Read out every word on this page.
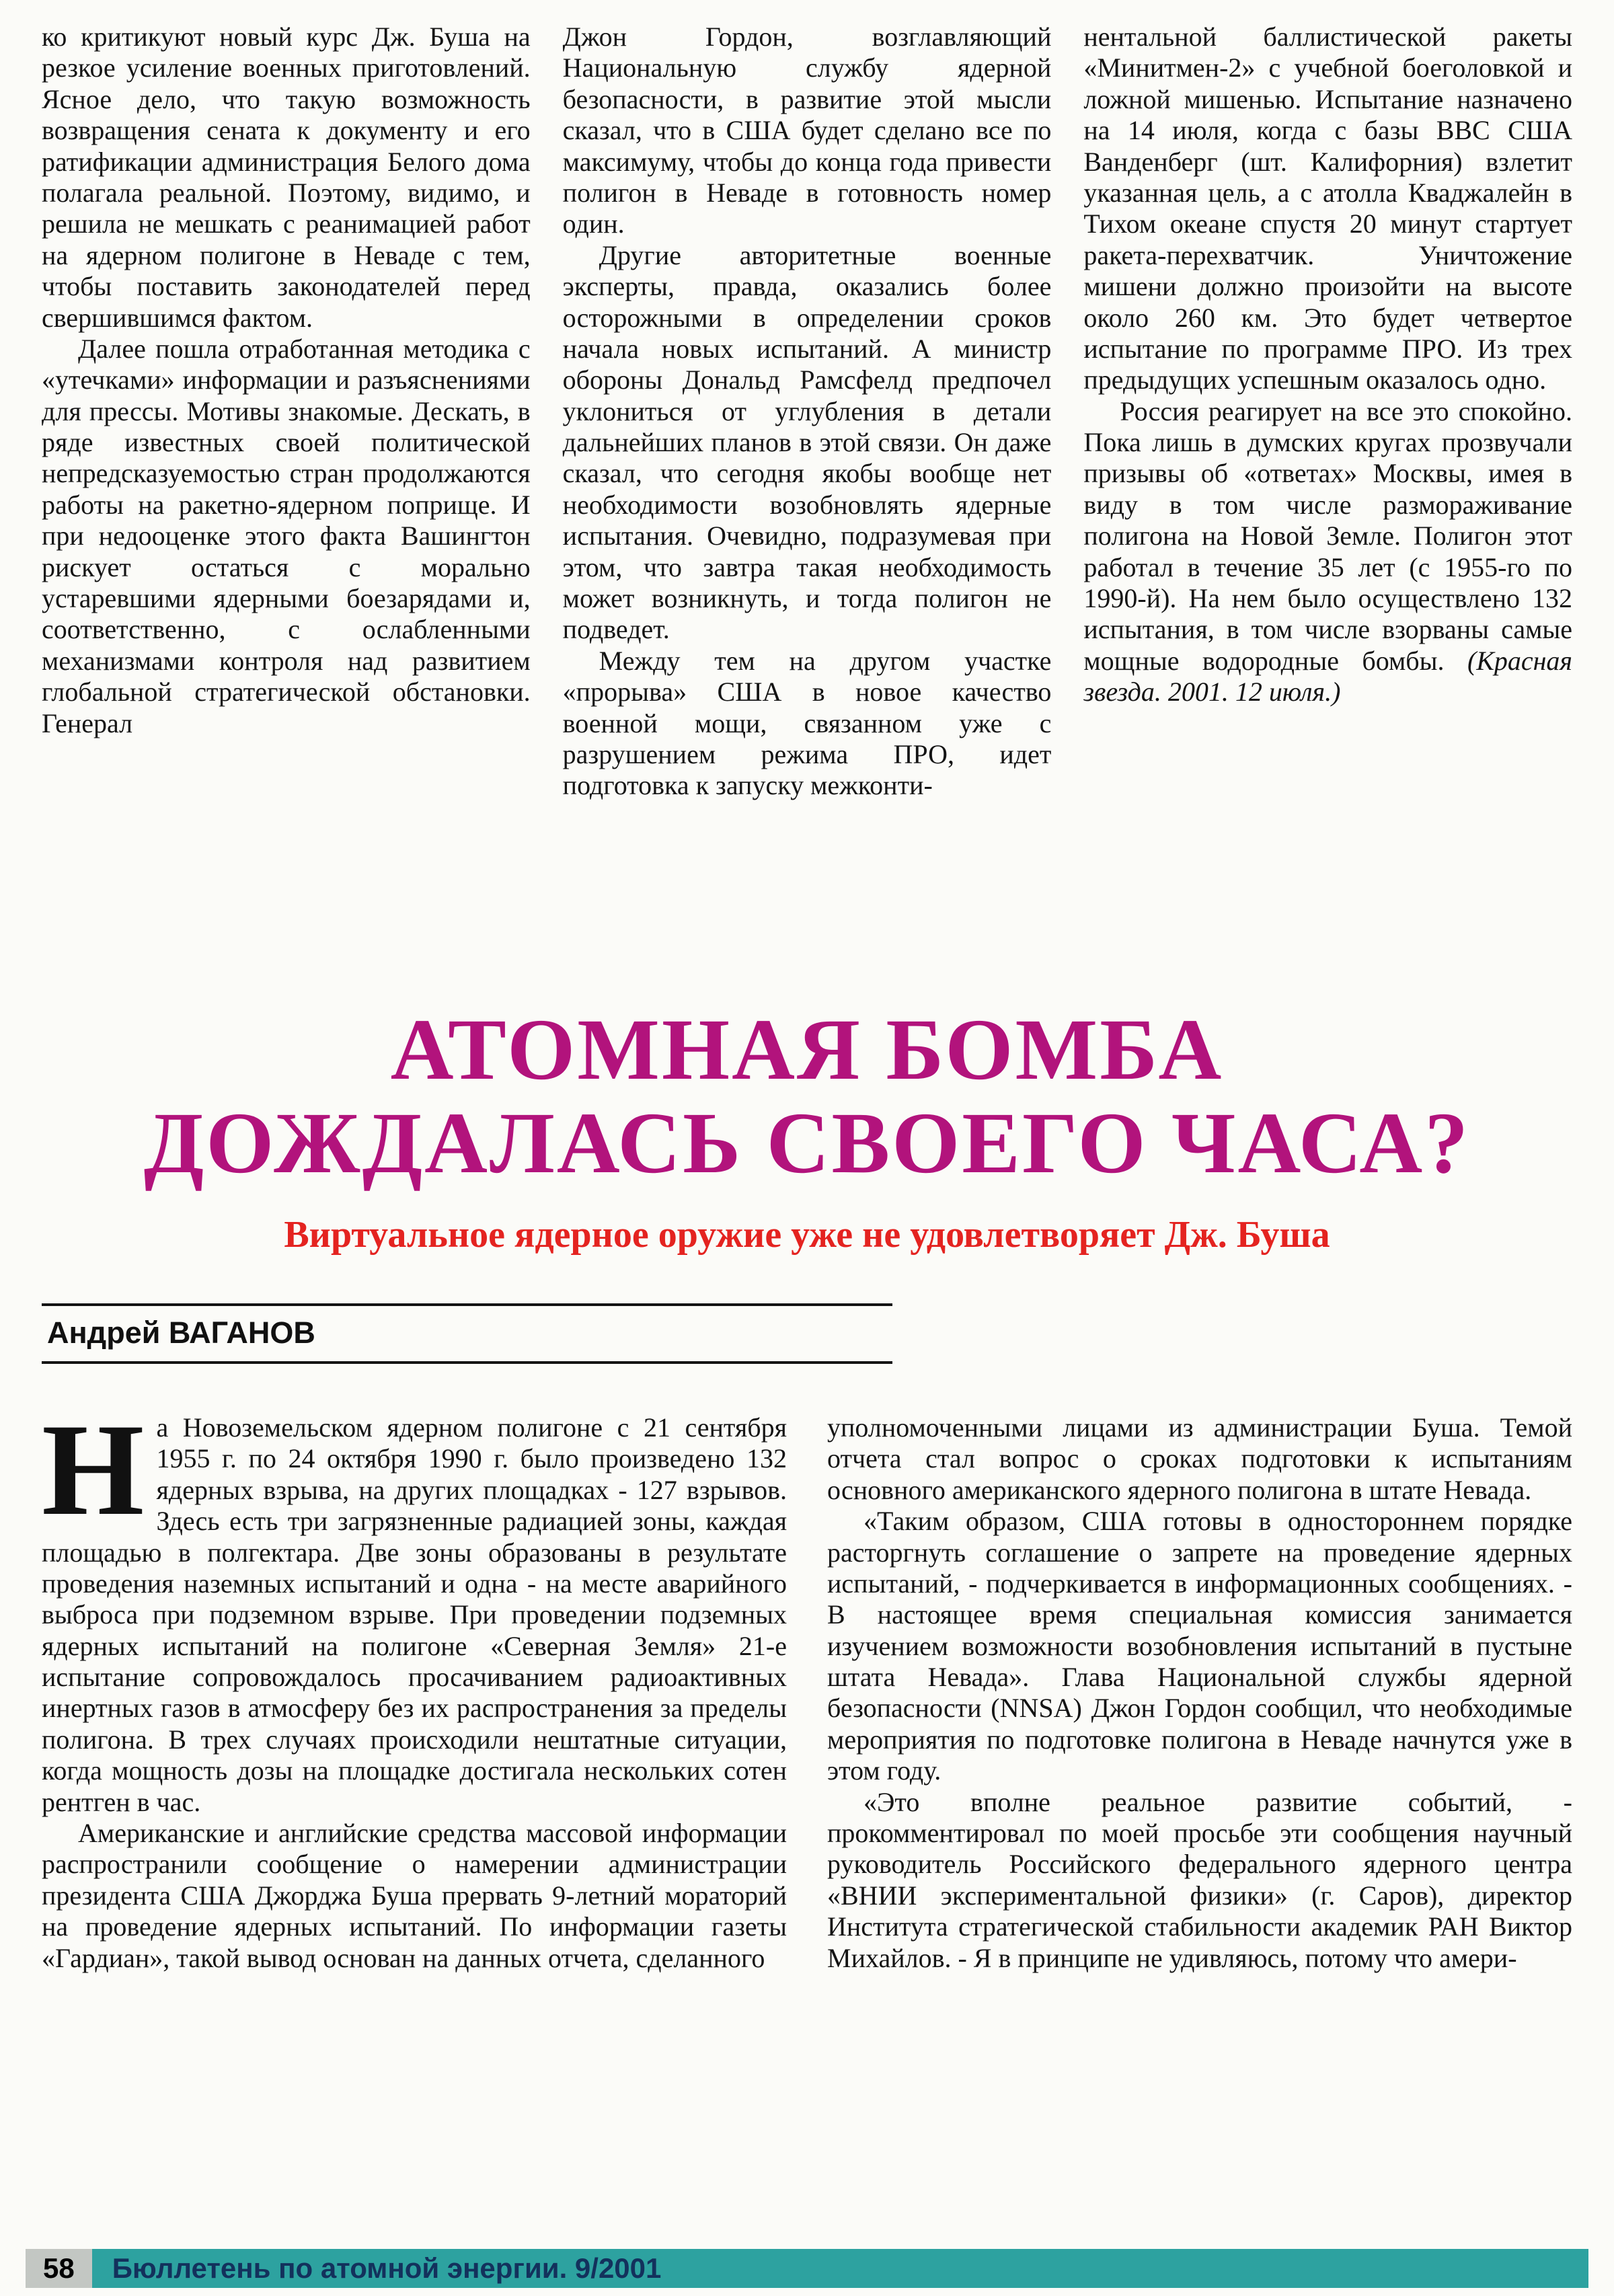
ко критикуют новый курс Дж. Буша на резкое усиление военных приготовлений. Ясное дело, что такую возможность возвращения сената к документу и его ратификации администрация Белого дома полагала реальной. Поэтому, видимо, и решила не мешкать с реанимацией работ на ядерном полигоне в Неваде с тем, чтобы поставить законодателей перед свершившимся фактом.

Далее пошла отработанная методика с «утечками» информации и разъяснениями для прессы. Мотивы знакомые. Дескать, в ряде известных своей политической непредсказуемостью стран продолжаются работы на ракетно-ядерном поприще. И при недооценке этого факта Вашингтон рискует остаться с морально устаревшими ядерными боезарядами и, соответственно, с ослабленными механизмами контроля над развитием глобальной стратегической обстановки. Генерал

Джон Гордон, возглавляющий Национальную службу ядерной безопасности, в развитие этой мысли сказал, что в США будет сделано все по максимуму, чтобы до конца года привести полигон в Неваде в готовность номер один.

Другие авторитетные военные эксперты, правда, оказались более осторожными в определении сроков начала новых испытаний. А министр обороны Дональд Рамсфелд предпочел уклониться от углубления в детали дальнейших планов в этой связи. Он даже сказал, что сегодня якобы вообще нет необходимости возобновлять ядерные испытания. Очевидно, подразумевая при этом, что завтра такая необходимость может возникнуть, и тогда полигон не подведет.

Между тем на другом участке «прорыва» США в новое качество военной мощи, связанном уже с разрушением режима ПРО, идет подготовка к запуску межконти-

нентальной баллистической ракеты «Минитмен-2» с учебной боеголовкой и ложной мишенью. Испытание назначено на 14 июля, когда с базы ВВС США Ванденберг (шт. Калифорния) взлетит указанная цель, а с атолла Кваджалейн в Тихом океане спустя 20 минут стартует ракета-перехватчик. Уничтожение мишени должно произойти на высоте около 260 км. Это будет четвертое испытание по программе ПРО. Из трех предыдущих успешным оказалось одно.

Россия реагирует на все это спокойно. Пока лишь в думских кругах прозвучали призывы об «ответах» Москвы, имея в виду в том числе размораживание полигона на Новой Земле. Полигон этот работал в течение 35 лет (с 1955-го по 1990-й). На нем было осуществлено 132 испытания, в том числе взорваны самые мощные водородные бомбы. (Красная звезда. 2001. 12 июля.)

АТОМНАЯ БОМБА
ДОЖДАЛАСЬ СВОЕГО ЧАСА?
Виртуальное ядерное оружие уже не удовлетворяет Дж. Буша
Андрей ВАГАНОВ

На Новоземельском ядерном полигоне с 21 сентября 1955 г. по 24 октября 1990 г. было произведено 132 ядерных взрыва, на других площадках - 127 взрывов. Здесь есть три загрязненные радиацией зоны, каждая площадью в полгектара. Две зоны образованы в результате проведения наземных испытаний и одна - на месте аварийного выброса при подземном взрыве. При проведении подземных ядерных испытаний на полигоне «Северная Земля» 21-е испытание сопровождалось просачиванием радиоактивных инертных газов в атмосферу без их распространения за пределы полигона. В трех случаях происходили нештатные ситуации, когда мощность дозы на площадке достигала нескольких сотен рентген в час.

Американские и английские средства массовой информации распространили сообщение о намерении администрации президента США Джорджа Буша прервать 9-летний мораторий на проведение ядерных испытаний. По информации газеты «Гардиан», такой вывод основан на данных отчета, сделанного

уполномоченными лицами из администрации Буша. Темой отчета стал вопрос о сроках подготовки к испытаниям основного американского ядерного полигона в штате Невада.

«Таким образом, США готовы в одностороннем порядке расторгнуть соглашение о запрете на проведение ядерных испытаний, - подчеркивается в информационных сообщениях. - В настоящее время специальная комиссия занимается изучением возможности возобновления испытаний в пустыне штата Невада». Глава Национальной службы ядерной безопасности (NNSA) Джон Гордон сообщил, что необходимые мероприятия по подготовке полигона в Неваде начнутся уже в этом году.

«Это вполне реальное развитие событий, - прокомментировал по моей просьбе эти сообщения научный руководитель Российского федерального ядерного центра «ВНИИ экспериментальной физики» (г. Саров), директор Института стратегической стабильности академик РАН Виктор Михайлов. - Я в принципе не удивляюсь, потому что амери-

58	Бюллетень по атомной энергии. 9/2001
